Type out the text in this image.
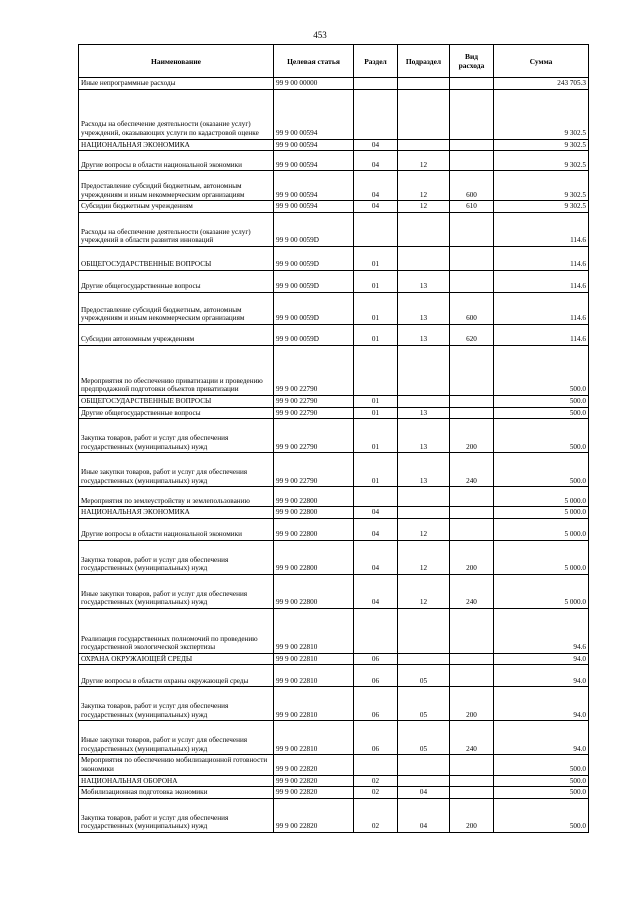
453
Наименование	Целевая статья	Раздел	Подраздел	Вид расхода	Сумма
Иные непрограммные расходы	99 9 00 00000				243 705.3
Расходы на обеспечение деятельности (оказание услуг) учреждений, оказывающих услуги по кадастровой оценке	99 9 00 00594				9 302.5
НАЦИОНАЛЬНАЯ ЭКОНОМИКА	99 9 00 00594	04			9 302.5
Другие вопросы в области национальной экономики	99 9 00 00594	04	12		9 302.5
Предоставление субсидий бюджетным, автономным учреждениям и иным некоммерческим организациям	99 9 00 00594	04	12	600	9 302.5
Субсидии бюджетным учреждениям	99 9 00 00594	04	12	610	9 302.5
Расходы на обеспечение деятельности (оказание услуг) учреждений в области развития инноваций	99 9 00 0059D				114.6
ОБЩЕГОСУДАРСТВЕННЫЕ ВОПРОСЫ	99 9 00 0059D	01			114.6
Другие общегосударственные вопросы	99 9 00 0059D	01	13		114.6
Предоставление субсидий бюджетным, автономным учреждениям и иным некоммерческим организациям	99 9 00 0059D	01	13	600	114.6
Субсидии автономным учреждениям	99 9 00 0059D	01	13	620	114.6
Мероприятия по обеспечению приватизации и проведению предпродажной подготовки объектов приватизации	99 9 00 22790				500.0
ОБЩЕГОСУДАРСТВЕННЫЕ ВОПРОСЫ	99 9 00 22790	01			500.0
Другие общегосударственные вопросы	99 9 00 22790	01	13		500.0
Закупка товаров, работ и услуг для обеспечения государственных (муниципальных) нужд	99 9 00 22790	01	13	200	500.0
Иные закупки товаров, работ и услуг для обеспечения государственных (муниципальных) нужд	99 9 00 22790	01	13	240	500.0
Мероприятия по землеустройству и землепользованию	99 9 00 22800				5 000.0
НАЦИОНАЛЬНАЯ ЭКОНОМИКА	99 9 00 22800	04			5 000.0
Другие вопросы в области национальной экономики	99 9 00 22800	04	12		5 000.0
Закупка товаров, работ и услуг для обеспечения государственных (муниципальных) нужд	99 9 00 22800	04	12	200	5 000.0
Иные закупки товаров, работ и услуг для обеспечения государственных (муниципальных) нужд	99 9 00 22800	04	12	240	5 000.0
Реализация государственных полномочий по проведению государственной экологической экспертизы	99 9 00 22810				94.6
ОХРАНА ОКРУЖАЮЩЕЙ СРЕДЫ	99 9 00 22810	06			94.0
Другие вопросы в области охраны окружающей среды	99 9 00 22810	06	05		94.0
Закупка товаров, работ и услуг для обеспечения государственных (муниципальных) нужд	99 9 00 22810	06	05	200	94.0
Иные закупки товаров, работ и услуг для обеспечения государственных (муниципальных) нужд	99 9 00 22810	06	05	240	94.0
Мероприятия по обеспечению мобилизационной готовности экономики	99 9 00 22820				500.0
НАЦИОНАЛЬНАЯ ОБОРОНА	99 9 00 22820	02			500.0
Мобилизационная подготовка экономики	99 9 00 22820	02	04		500.0
Закупка товаров, работ и услуг для обеспечения государственных (муниципальных) нужд	99 9 00 22820	02	04	200	500.0
